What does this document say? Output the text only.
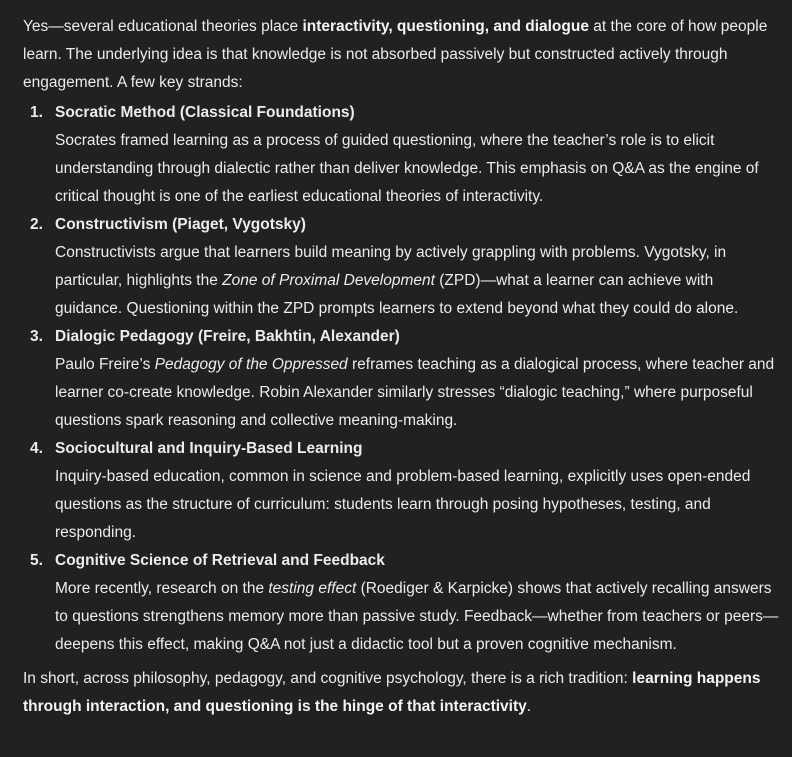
Yes—several educational theories place interactivity, questioning, and dialogue at the core of how people learn. The underlying idea is that knowledge is not absorbed passively but constructed actively through engagement. A few key strands:

1. Socratic Method (Classical Foundations)
Socrates framed learning as a process of guided questioning, where the teacher’s role is to elicit understanding through dialectic rather than deliver knowledge. This emphasis on Q&A as the engine of critical thought is one of the earliest educational theories of interactivity.
2. Constructivism (Piaget, Vygotsky)
Constructivists argue that learners build meaning by actively grappling with problems. Vygotsky, in particular, highlights the Zone of Proximal Development (ZPD)—what a learner can achieve with guidance. Questioning within the ZPD prompts learners to extend beyond what they could do alone.
3. Dialogic Pedagogy (Freire, Bakhtin, Alexander)
Paulo Freire’s Pedagogy of the Oppressed reframes teaching as a dialogical process, where teacher and learner co-create knowledge. Robin Alexander similarly stresses “dialogic teaching,” where purposeful questions spark reasoning and collective meaning-making.
4. Sociocultural and Inquiry-Based Learning
Inquiry-based education, common in science and problem-based learning, explicitly uses open-ended questions as the structure of curriculum: students learn through posing hypotheses, testing, and responding.
5. Cognitive Science of Retrieval and Feedback
More recently, research on the testing effect (Roediger & Karpicke) shows that actively recalling answers to questions strengthens memory more than passive study. Feedback—whether from teachers or peers—deepens this effect, making Q&A not just a didactic tool but a proven cognitive mechanism.

In short, across philosophy, pedagogy, and cognitive psychology, there is a rich tradition: learning happens through interaction, and questioning is the hinge of that interactivity.
